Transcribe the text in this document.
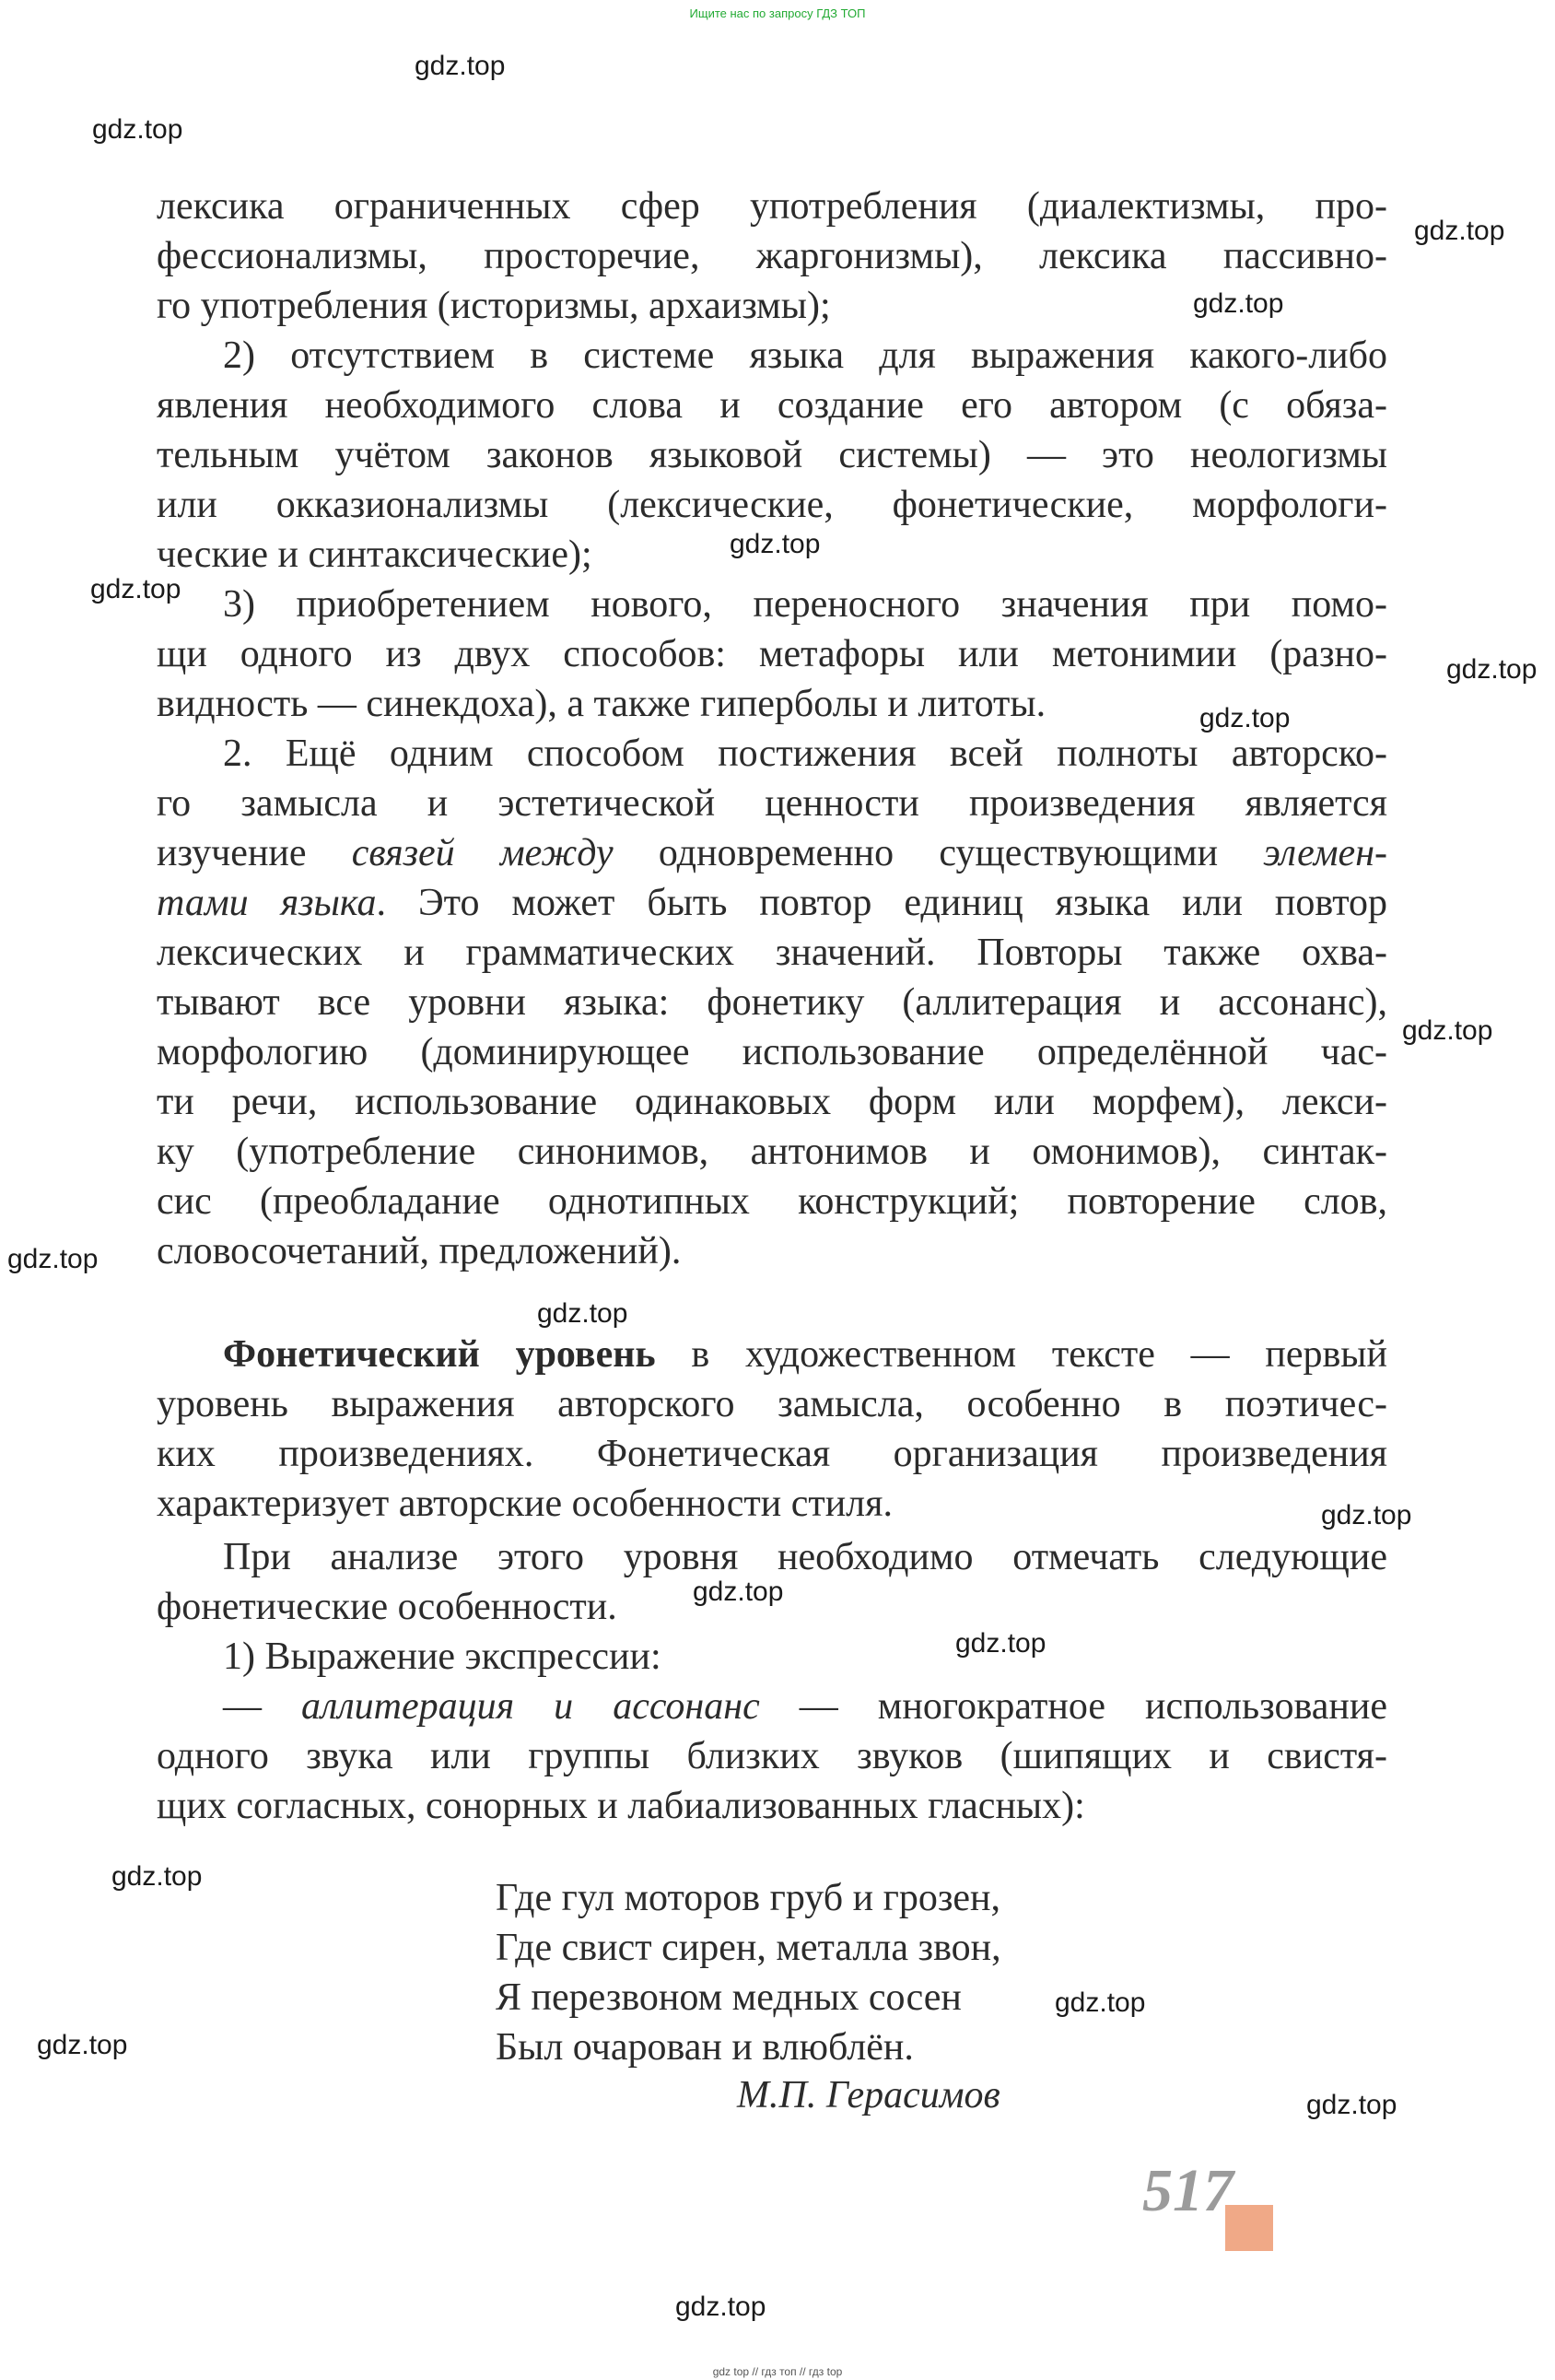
Ищите нас по запросу ГДЗ ТОП
gdz.top
gdz.top
gdz.top
gdz.top
gdz.top
gdz.top
gdz.top
gdz.top
gdz.top
gdz.top
gdz.top
gdz.top
gdz.top
gdz.top
gdz.top
gdz.top
gdz.top
gdz.top
gdz.top

лексика ограниченных сфер употребления (диалектизмы, про-

фессионализмы, просторечие, жаргонизмы), лексика пассивно-

го употребления (историзмы, архаизмы);

2) отсутствием в системе языка для выражения какого-либо

явления необходимого слова и создание его автором (с обяза-

тельным учётом законов языковой системы) — это неологизмы

или окказионализмы (лексические, фонетические, морфологи-

ческие и синтаксические);

3) приобретением нового, переносного значения при помо-

щи одного из двух способов: метафоры или метонимии (разно-

видность — синекдоха), а также гиперболы и литоты.

2. Ещё одним способом постижения всей полноты авторско-

го замысла и эстетической ценности произведения является

изучение связей между одновременно существующими элемен-

тами языка. Это может быть повтор единиц языка или повтор

лексических и грамматических значений. Повторы также охва-

тывают все уровни языка: фонетику (аллитерация и ассонанс),

морфологию (доминирующее использование определённой час-

ти речи, использование одинаковых форм или морфем), лекси-

ку (употребление синонимов, антонимов и омонимов), синтак-

сис (преобладание однотипных конструкций; повторение слов,

словосочетаний, предложений).

Фонетический уровень в художественном тексте — первый

уровень выражения авторского замысла, особенно в поэтичес-

ких произведениях. Фонетическая организация произведения

характеризует авторские особенности стиля.

При анализе этого уровня необходимо отмечать следующие

фонетические особенности.

1) Выражение экспрессии:

— аллитерация и ассонанс — многократное использование

одного звука или группы близких звуков (шипящих и свистя-

щих согласных, сонорных и лабиализованных гласных):

Где гул моторов груб и грозен,
Где свист сирен, металла звон,
Я перезвоном медных сосен
Был очарован и влюблён.
М.П. Герасимов
517
gdz top // гдз топ // гдз top
